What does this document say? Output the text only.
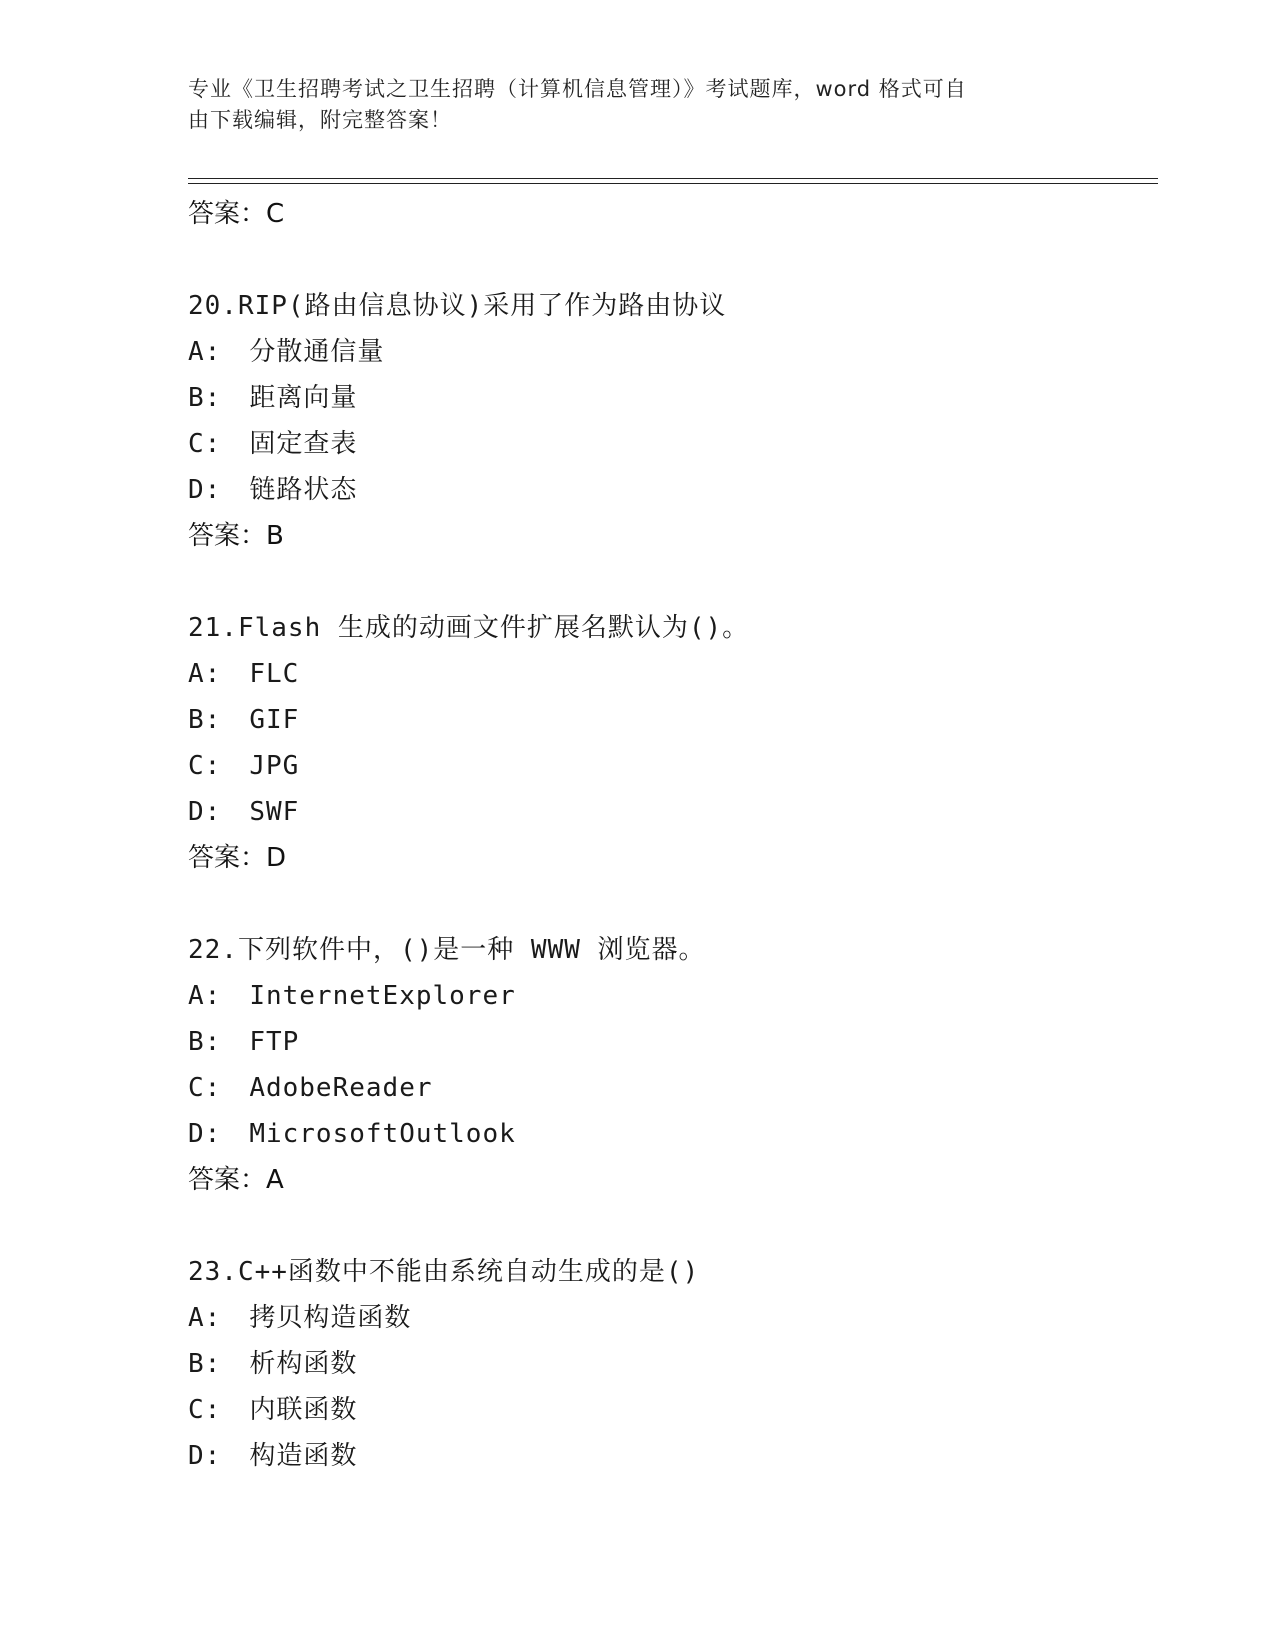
专业《卫生招聘考试之卫生招聘（计算机信息管理）》考试题库，word 格式可自
由下载编辑，附完整答案！
答案：C
20.RIP(路由信息协议)采用了作为路由协议
A: 分散通信量
B: 距离向量
C: 固定查表
D: 链路状态
答案：B
21.Flash 生成的动画文件扩展名默认为()。
A: FLC
B: GIF
C: JPG
D: SWF
答案：D
22.下列软件中，()是一种 WWW 浏览器。
A: InternetExplorer
B: FTP
C: AdobeReader
D: MicrosoftOutlook
答案：A
23.C++函数中不能由系统自动生成的是()
A: 拷贝构造函数
B: 析构函数
C: 内联函数
D: 构造函数
